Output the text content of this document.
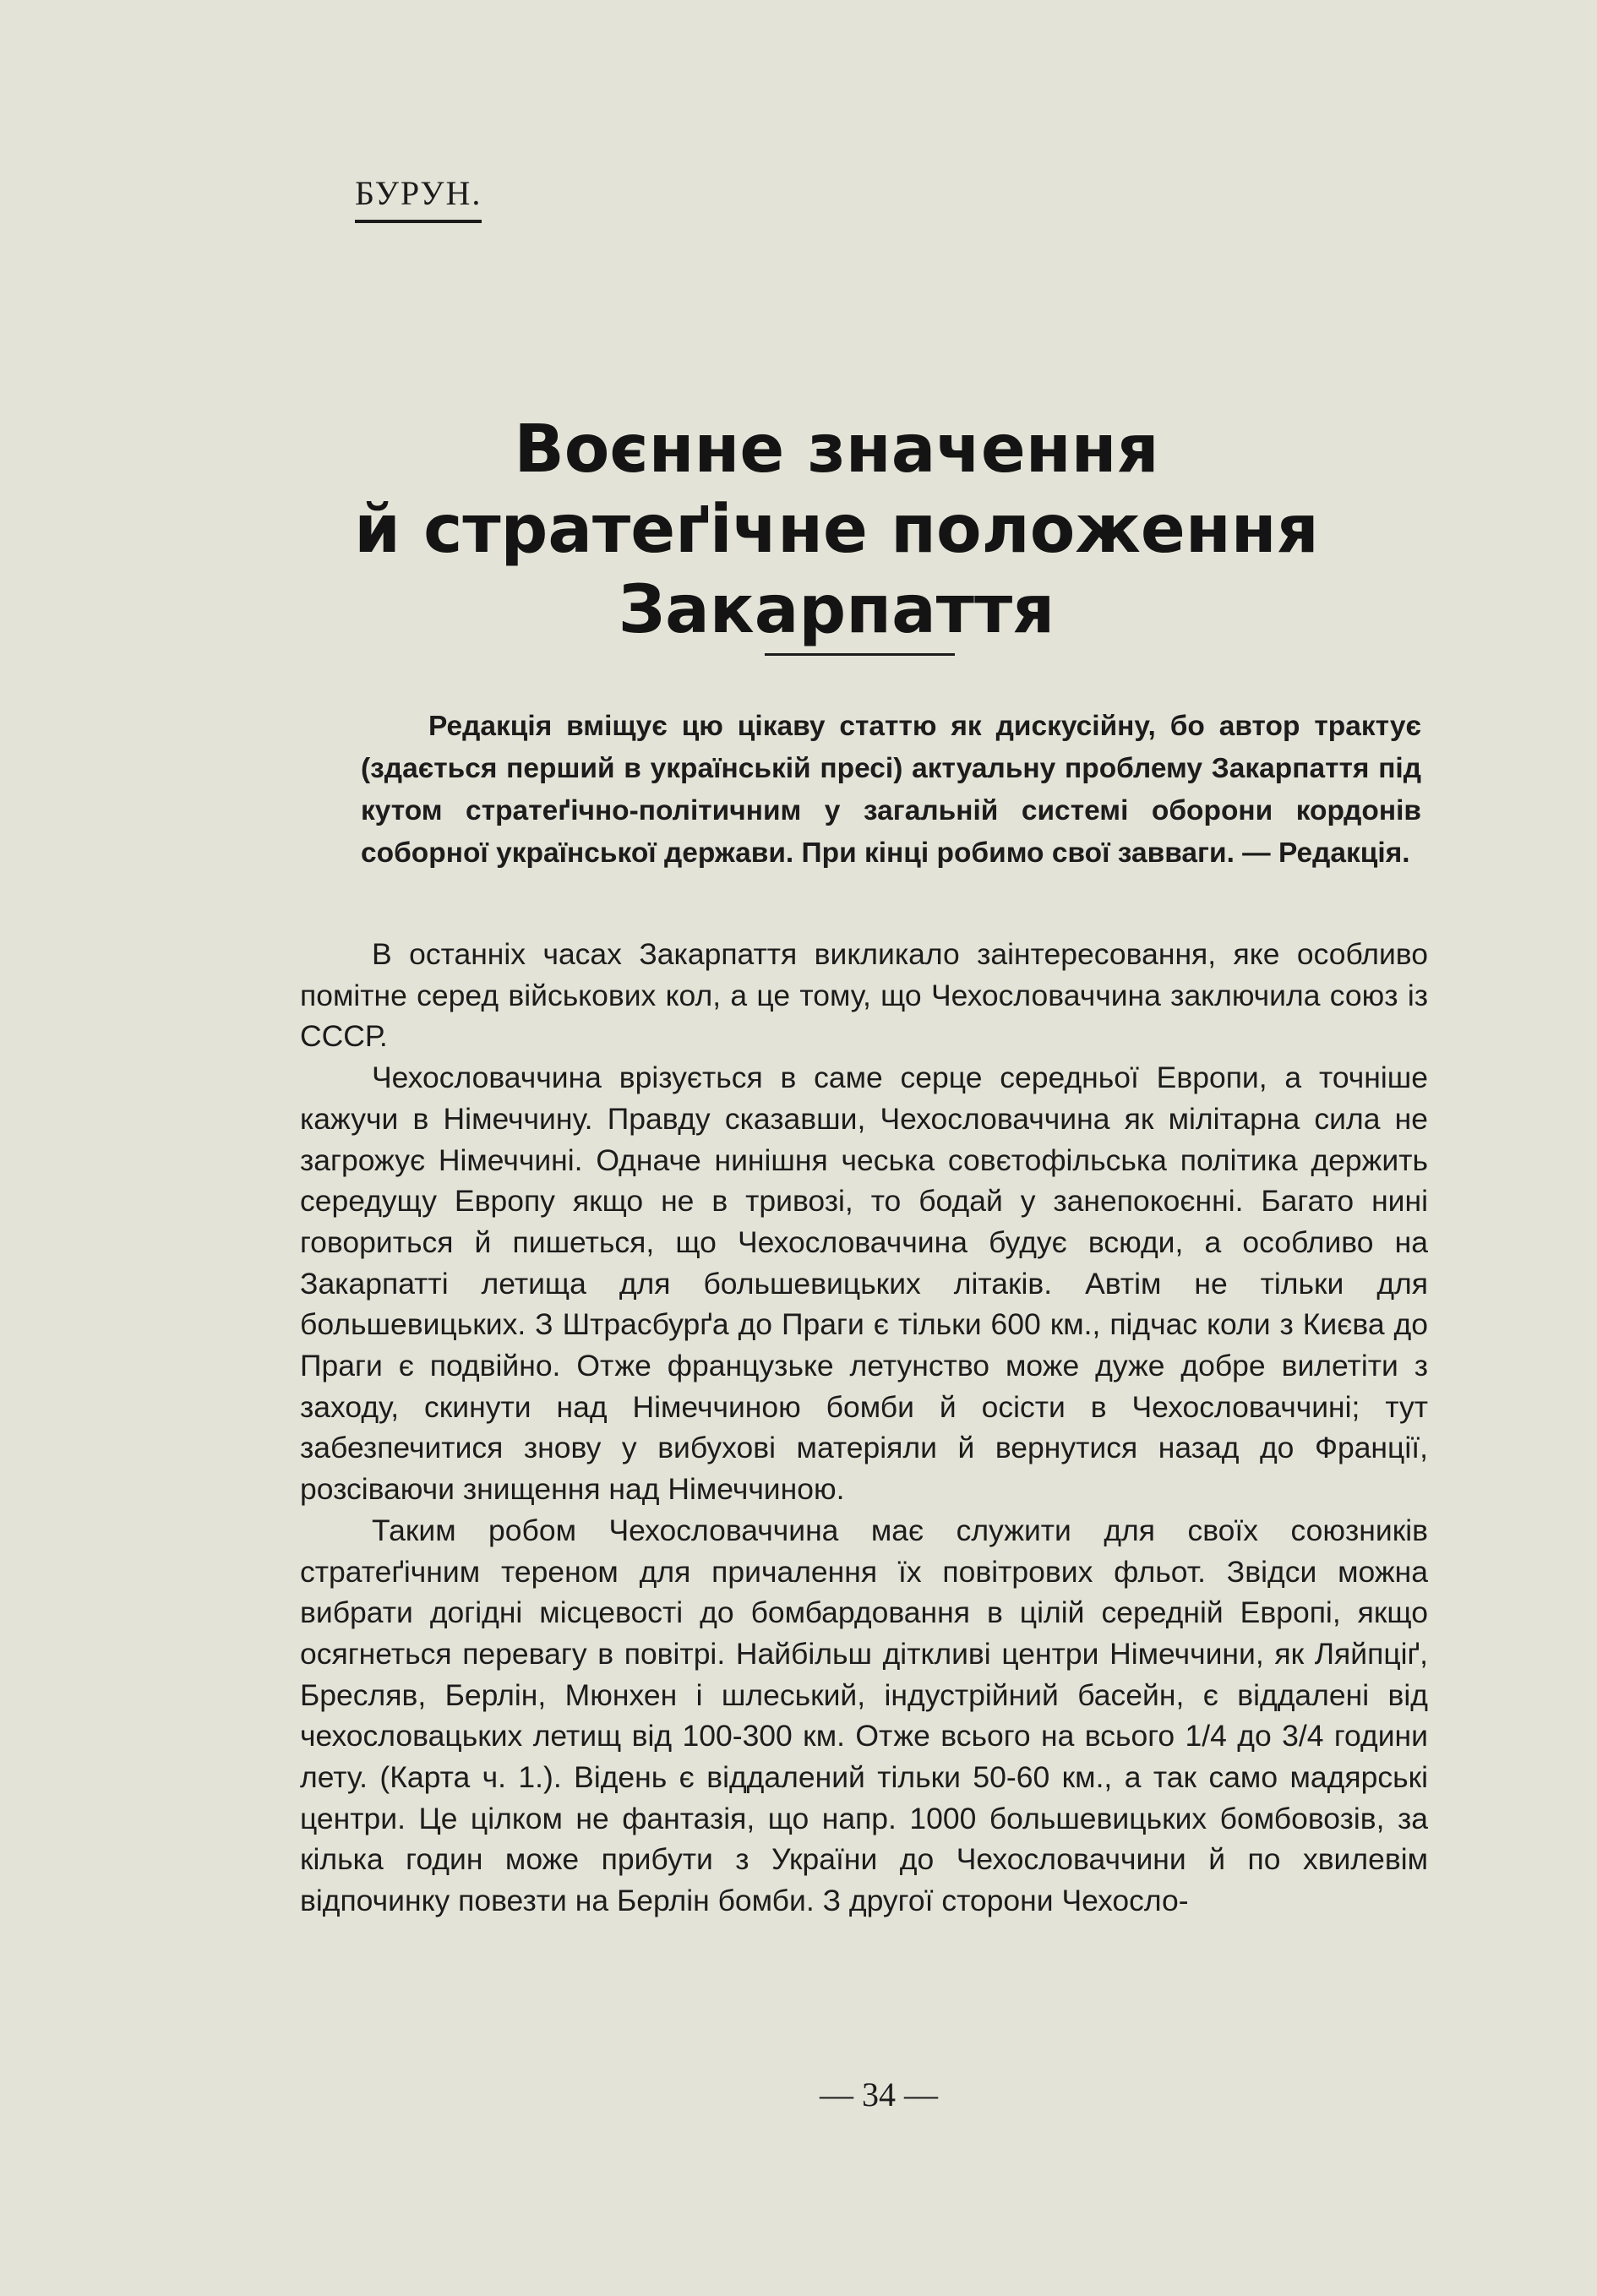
БУРУН.
Воєнне значення
й стратеґічне положення
Закарпаття

Редакція вміщує цю цікаву статтю як дискусійну, бо автор трактує (здається перший в українській пресі) актуальну проблему Закарпаття під кутом стратеґічно-політичним у загальній системі оборони кордонів соборної української держави. При кінці робимо свої завваги. — Редакція.

В останніх часах Закарпаття викликало заінтересовання, яке особливо помітне серед військових кол, а це тому, що Чехословаччина заключила союз із СССР.

Чехословаччина врізується в саме серце середньої Европи, а точніше кажучи в Німеччину. Правду сказавши, Чехословаччина як мілітарна сила не загрожує Німеччині. Одначе нинішня чеська совєтофільська політика держить середущу Европу якщо не в тривозі, то бодай у занепокоєнні. Багато нині говориться й пишеться, що Чехословаччина будує всюди, а особливо на Закарпатті летища для большевицьких літаків. Автім не тільки для большевицьких. З Штрасбурґа до Праги є тільки 600 км., підчас коли з Києва до Праги є подвійно. Отже французьке летунство може дуже добре вилетіти з заходу, скинути над Німеччиною бомби й осісти в Чехословаччині; тут забезпечитися знову у вибухові матеріяли й вернутися назад до Франції, розсіваючи знищення над Німеччиною.

Таким робом Чехословаччина має служити для своїх союзників стратеґічним тереном для причалення їх повітрових фльот. Звідси можна вибрати догідні місцевості до бомбардовання в цілій середній Европі, якщо осягнеться перевагу в повітрі. Найбільш діткливі центри Німеччини, як Ляйпціґ, Бресляв, Берлін, Мюнхен і шлеський, індустрійний басейн, є віддалені від чехословацьких летищ від 100-300 км. Отже всього на всього 1/4 до 3/4 години лету. (Карта ч. 1.). Відень є віддалений тільки 50-60 км., а так само мадярські центри. Це цілком не фантазія, що напр. 1000 большевицьких бомбовозів, за кілька годин може прибути з України до Чехословаччини й по хвилевім відпочинку повезти на Берлін бомби. З другої сторони Чехосло-

— 34 —
